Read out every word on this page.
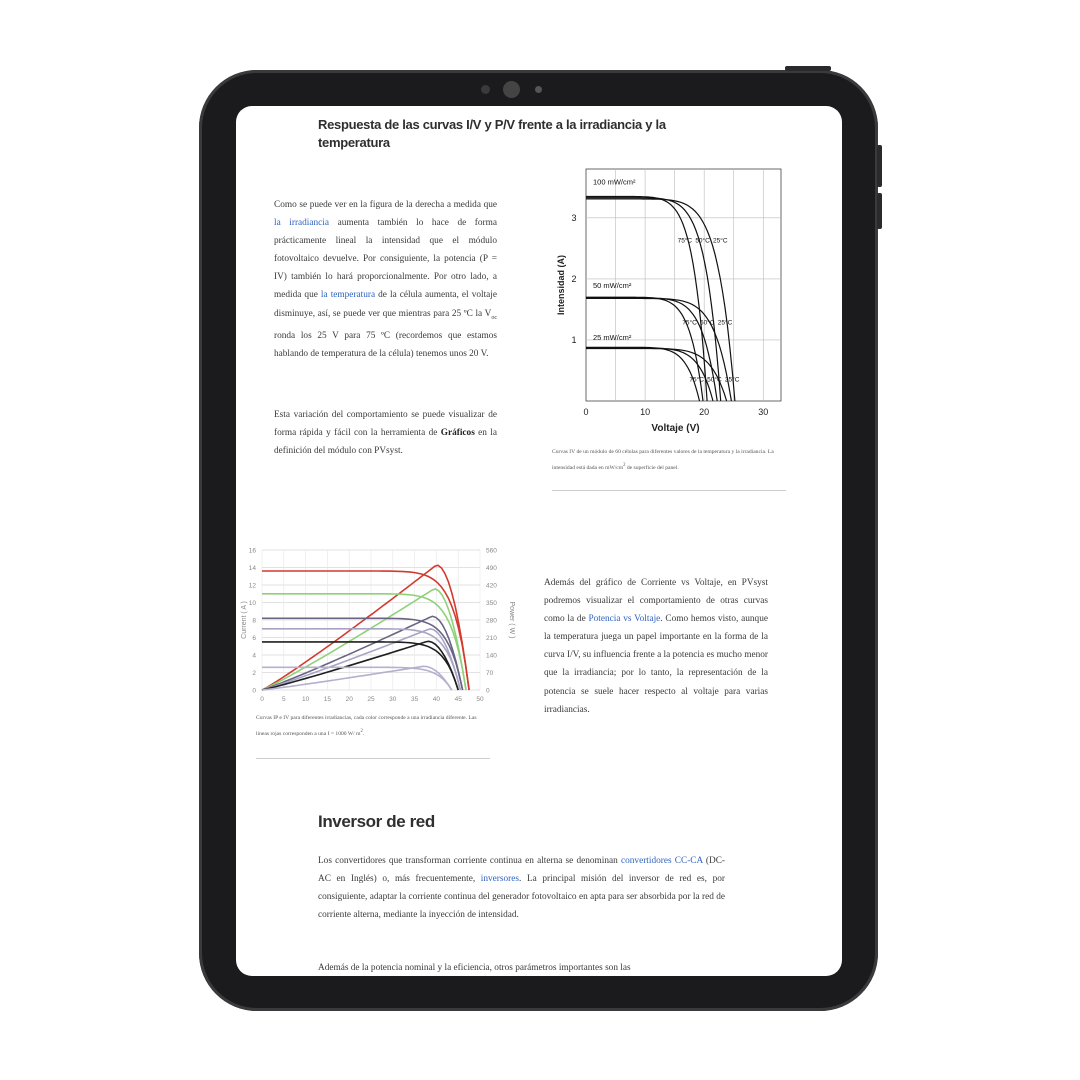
Respuesta de las curvas I/V y P/V frente a la irradiancia y la temperatura
Como se puede ver en la figura de la derecha a medida que la irradiancia aumenta también lo hace de forma prácticamente lineal la intensidad que el módulo fotovoltaico devuelve. Por consiguiente, la potencia (P = IV) también lo hará proporcionalmente. Por otro lado, a medida que la temperatura de la célula aumenta, el voltaje disminuye, así, se puede ver que mientras para 25 ºC la $V_{oc}$ ronda los 25 V para 75 ºC (recordemos que estamos hablando de temperatura de la célula) tenemos unos 20 V.
Esta variación del comportamiento se puede visualizar de forma rápida y fácil con la herramienta de Gráficos en la definición del módulo con PVsyst.
0	10	20	30
1
2
3
Voltaje (V)
Intensidad (A)
100 mW/cm²
50 mW/cm²
25 mW/cm²
75°C 50°C 25°C
75°C 50°C 25°C
75°C 50°C 25°C
Curvas IV de un módulo de 60 células para diferentes valores de la temperatura y la irradiancia. La intensidad está dada en $mW/cm^2$ de superficie del panel.
0
2
4
6
8
10
12
14
16
0	5	10 15 20 25 30 35 40 45 50
0
70
140
210
280
350
420
490
560
Current ( A )	Power ( W )
Curvas IP e IV para diferentes irradiancias, cada color corresponde a una irradiancia diferente. Las lineas rojas corresponden a una I = 1000 W/ $m^2$.
Además del gráfico de Corriente vs Voltaje, en PVsyst podremos visualizar el comportamiento de otras curvas como la de Potencia vs Voltaje. Como hemos visto, aunque la temperatura juega un papel importante en la forma de la curva I/V, su influencia frente a la potencia es mucho menor que la irradiancia; por lo tanto, la representación de la potencia se suele hacer respecto al voltaje para varias irradiancias.
Inversor de red
Los convertidores que transforman corriente continua en alterna se denominan convertidores CC-CA (DC-AC en Inglés) o, más frecuentemente, inversores. La principal misión del inversor de red es, por consiguiente, adaptar la corriente continua del generador fotovoltaico en apta para ser absorbida por la red de corriente alterna, mediante la inyección de intensidad.
Además de la potencia nominal y la eficiencia, otros parámetros importantes son las
